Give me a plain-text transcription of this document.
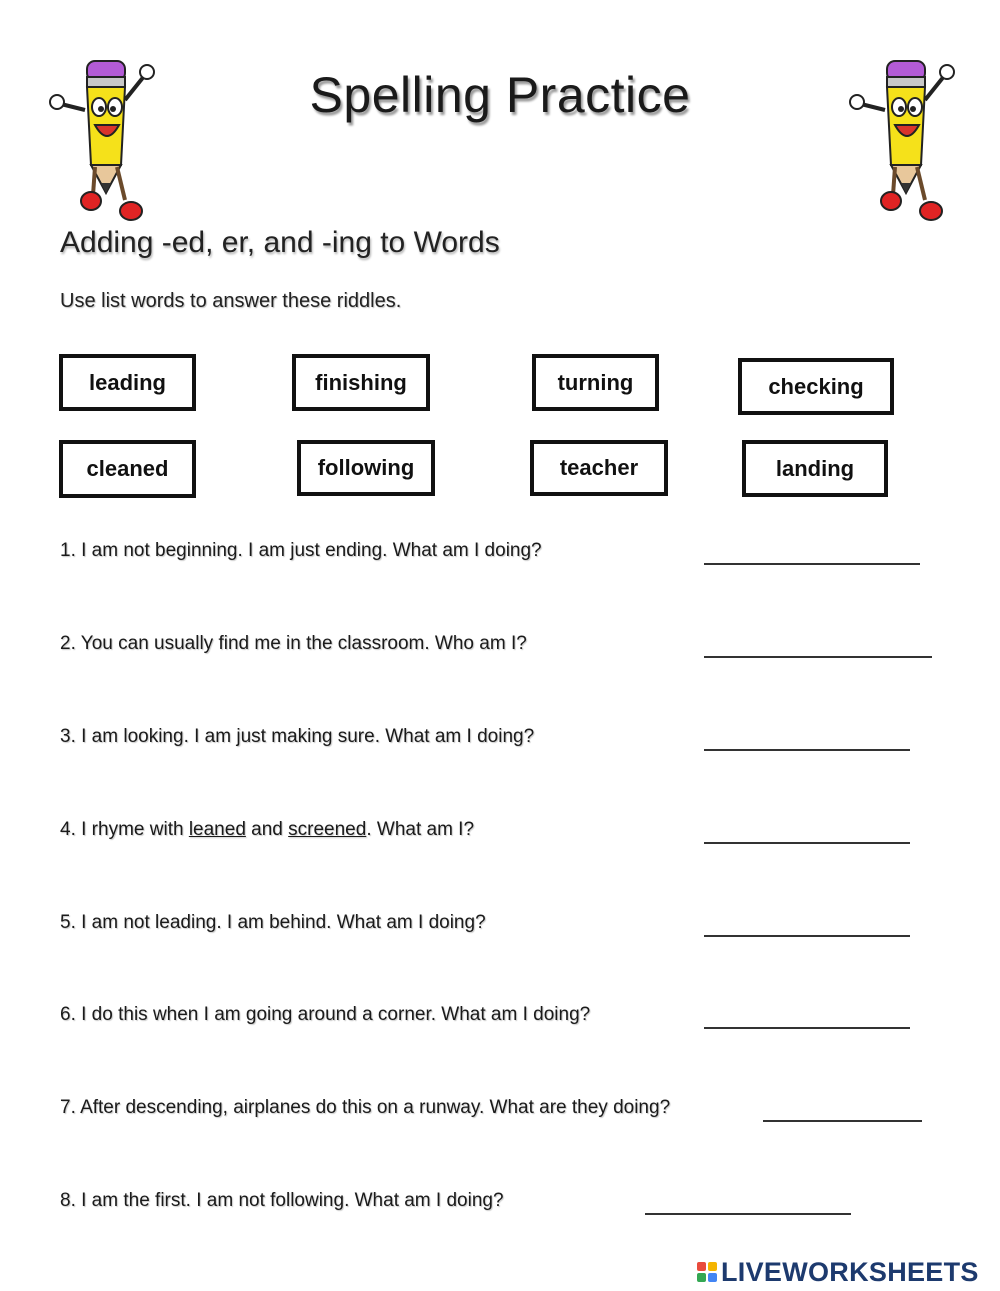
Spelling Practice
Adding -ed, er, and -ing to Words
Use list words to answer these riddles.
leading	finishing	turning	checking
cleaned	following	teacher	landing
1. I am not beginning. I am just ending. What am I doing?
2. You can usually find me in the classroom. Who am I?
3. I am looking. I am just making sure. What am I doing?
4. I rhyme with leaned and screened. What am I?
5. I am not leading. I am behind. What am I doing?
6. I do this when I am going around a corner. What am I doing?
7. After descending, airplanes do this on a runway. What are they doing?
8. I am the first. I am not following. What am I doing?
LIVEWORKSHEETS
